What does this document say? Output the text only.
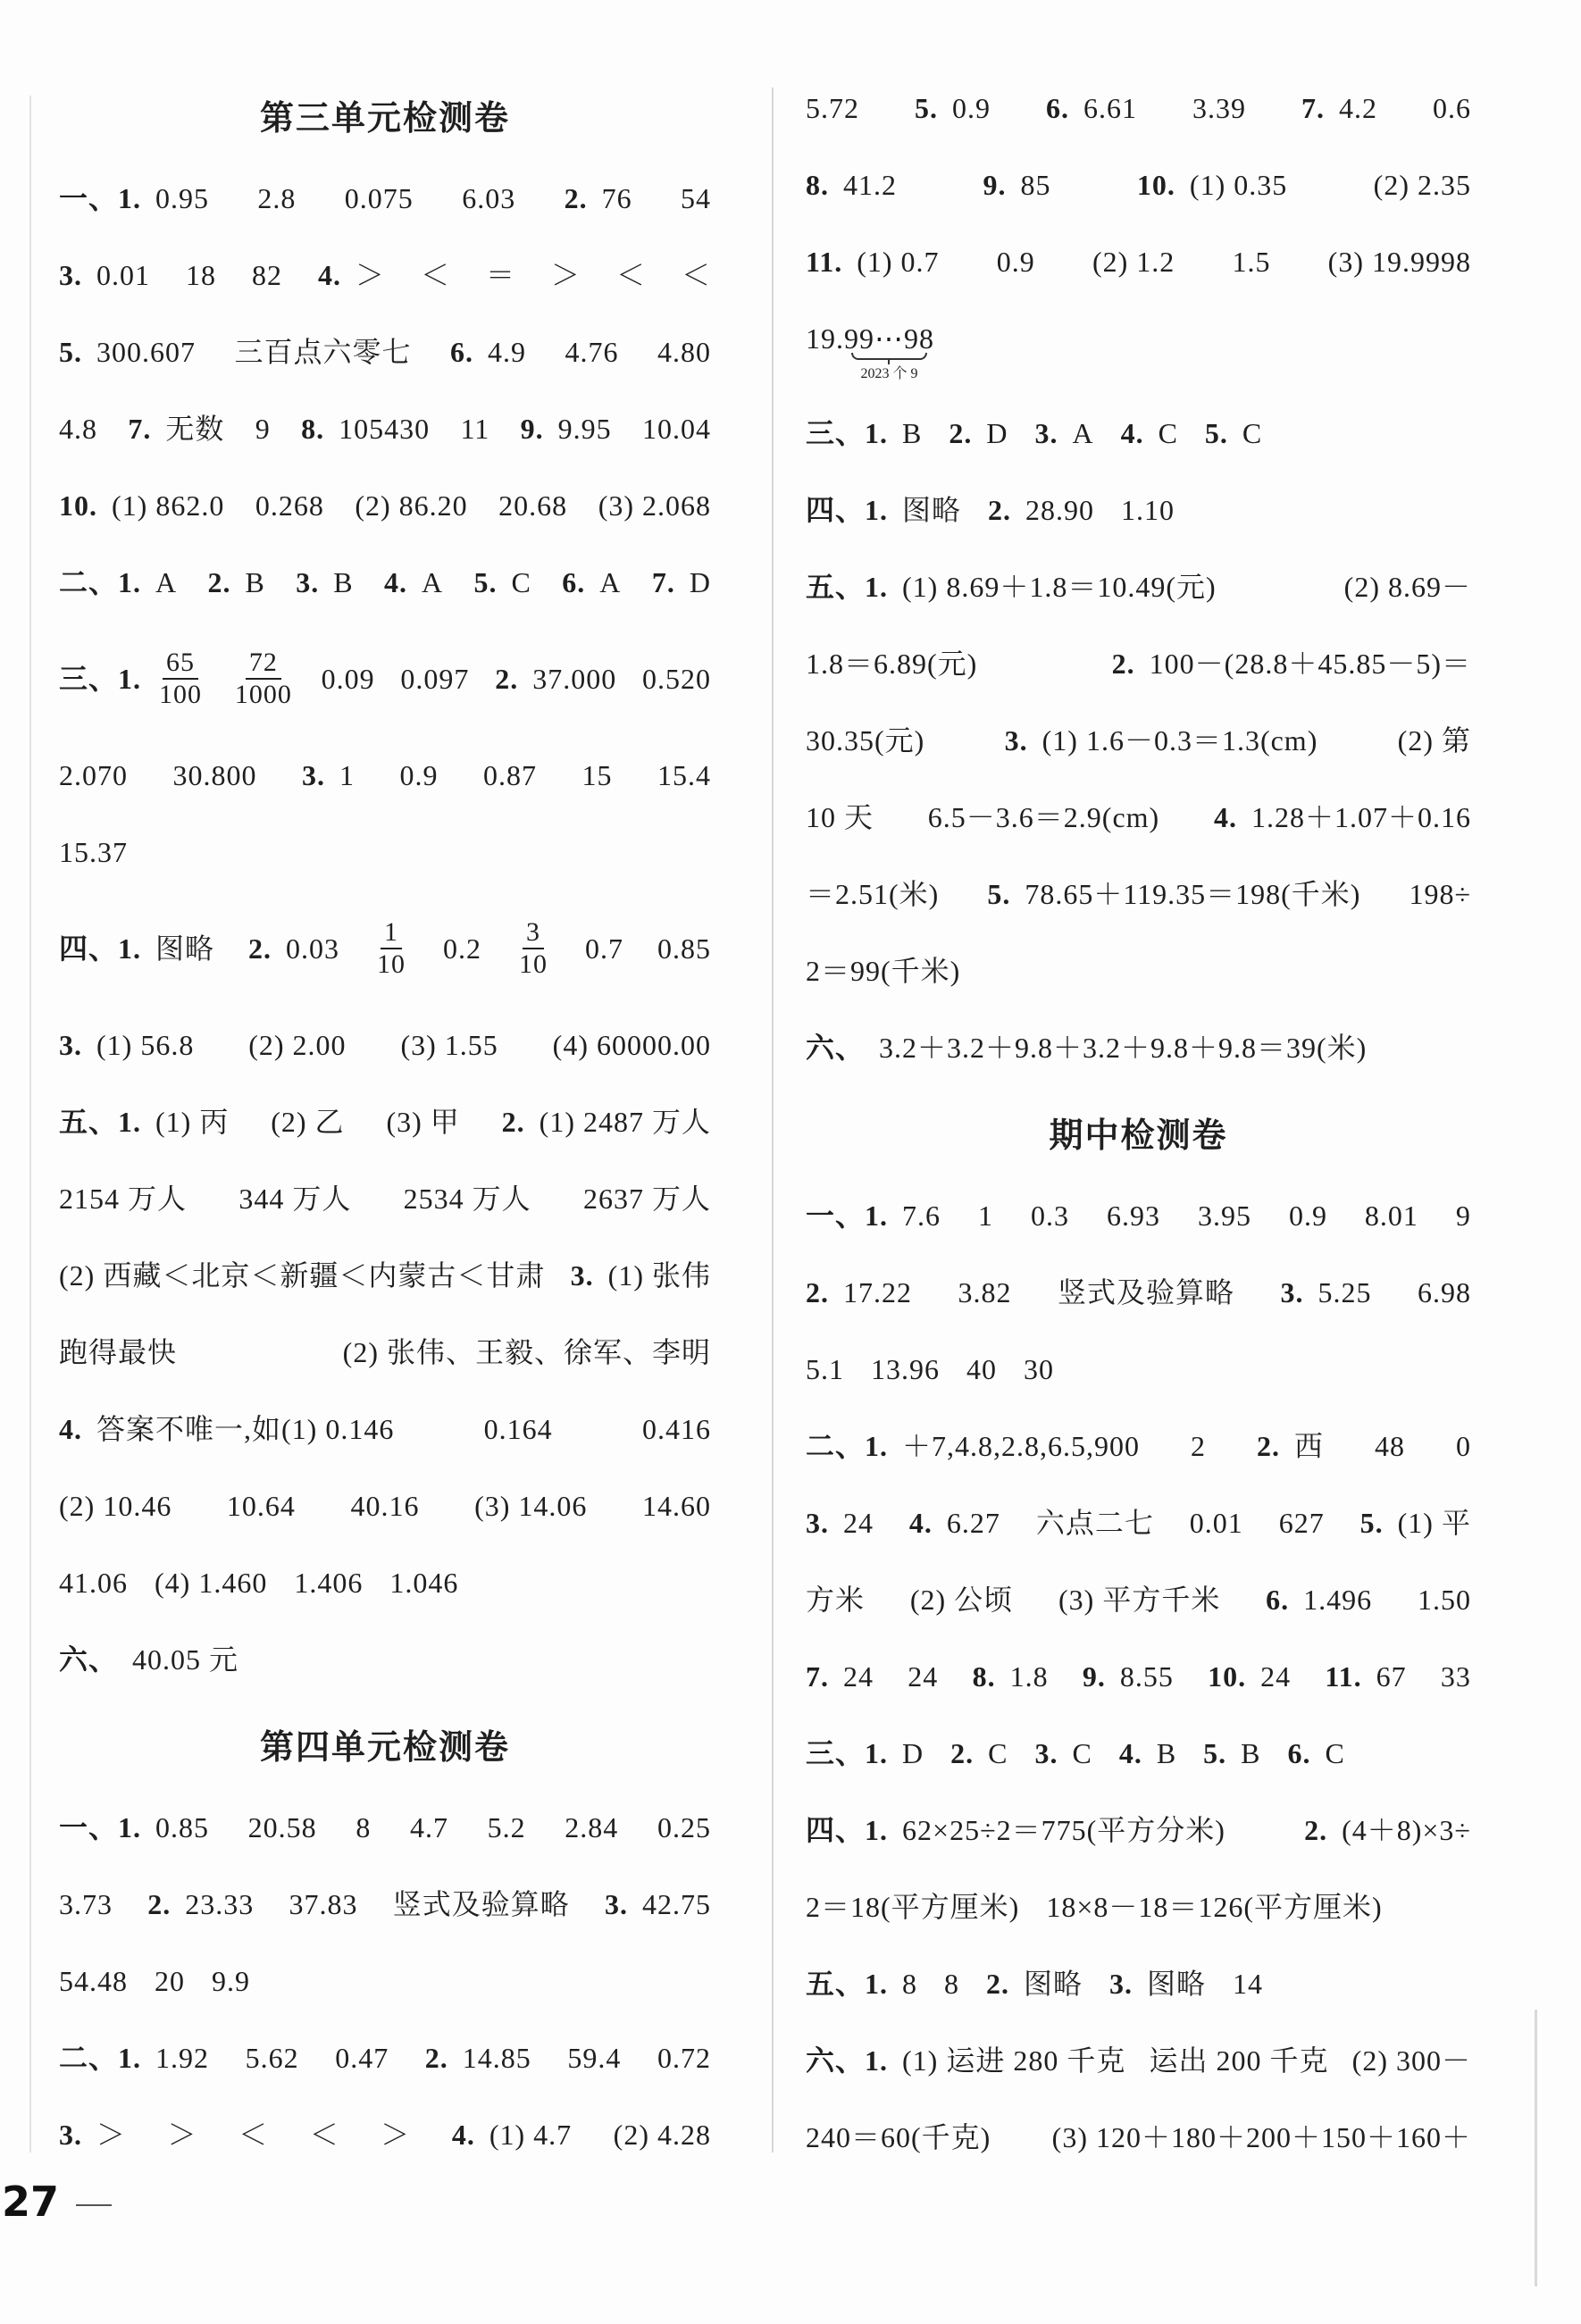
第三单元检测卷
一、1. 0.95 2.8 0.075 6.03 2. 76 54
3. 0.01 18 82 4. ＞ ＜ ＝ ＞ ＜ ＜
5. 300.607 三百点六零七 6. 4.9 4.76 4.80
4.8 7. 无数 9 8. 105430 11 9. 9.95 10.04
10. (1) 862.0 0.268 (2) 86.20 20.68 (3) 2.068
二、1. A 2. B 3. B 4. A 5. C 6. A 7. D
三、1. $\frac{65}{100} \frac{72}{1000} 0.09$ 0.097 2. 37.000 0.520
2.070 30.800 3. 1 0.9 0.87 15 15.4
15.37
四、1. 图略 2. $0.03 \frac{1}{10} 0.2 \frac{3}{10} 0.7$ 0.85
3. (1) 56.8 (2) 2.00 (3) 1.55 (4) 60000.00
五、1. (1) 丙 (2) 乙 (3) 甲 2. (1) 2487 万人
2154 万人 344 万人 2534 万人 2637 万人
(2) 西藏＜北京＜新疆＜内蒙古＜甘肃 3. (1) 张伟
跑得最快	(2) 张伟、王毅、徐军、李明
4. 答案不唯一,如(1) 0.146	0.164	0.416
(2) 10.46 10.64 40.16 (3) 14.06 14.60
41.06 (4) 1.460 1.406 1.046
六、 40.05 元
第四单元检测卷
一、1. 0.85 20.58 8 4.7 5.2 2.84 0.25
3.73 2. 23.33 37.83 竖式及验算略 3. 42.75
54.48 20 9.9
二、1. 1.92 5.62 0.47 2. 14.85 59.4 0.72
3. ＞ ＞ ＜ ＜ ＞ 4. (1) 4.7 (2) 4.28
5.72 5. 0.9 6. 6.61 3.39 7. 4.2 0.6
8. 41.2	9. 85	10. (1) 0.35	(2) 2.35
11. (1) 0.7 0.9 (2) 1.2 1.5 (3) 19.9998
19. 99⋯98
2023 个 9
三、1. B 2. D 3. A 4. C 5. C
四、1. 图略 2. 28.90 1.10
五、1. (1) 8.69＋1.8＝10.49(元)	(2) 8.69－
1.8＝6.89(元)	2. 100－(28.8＋45.85－5)＝
30.35(元)	3. (1) 1.6－0.3＝1.3(cm)	(2) 第
10 天 6.5－3.6＝2.9(cm) 4. 1.28＋1.07＋0.16
＝2.51(米) 5. 78.65＋119.35＝198(千米) 198÷
2＝99(千米)
六、 3.2＋3.2＋9.8＋3.2＋9.8＋9.8＝39(米)
期中检测卷
一、1. 7.6 1 0.3 6.93 3.95 0.9 8.01 9
2. 17.22 3.82 竖式及验算略 3. 5.25 6.98
5.1 13.96 40 30
二、1. ＋7,4.8,2.8,6.5,900 2 2. 西 48 0
3. 24 4. 6.27 六点二七 0.01 627 5. (1) 平
方米 (2) 公顷 (3) 平方千米 6. 1.496 1.50
7. 24 24 8. 1.8 9. 8.55 10. 24 11. 67 33
三、1. D 2. C 3. C 4. B 5. B 6. C
四、1. 62×25÷2＝775(平方分米)	2. (4＋8)×3÷
2＝18(平方厘米) 18×8－18＝126(平方厘米)
五、1. 8 8 2. 图略 3. 图略 14
六、1. (1) 运进 280 千克 运出 200 千克 (2) 300－
240＝60(千克) (3) 120＋180＋200＋150＋160＋
27
